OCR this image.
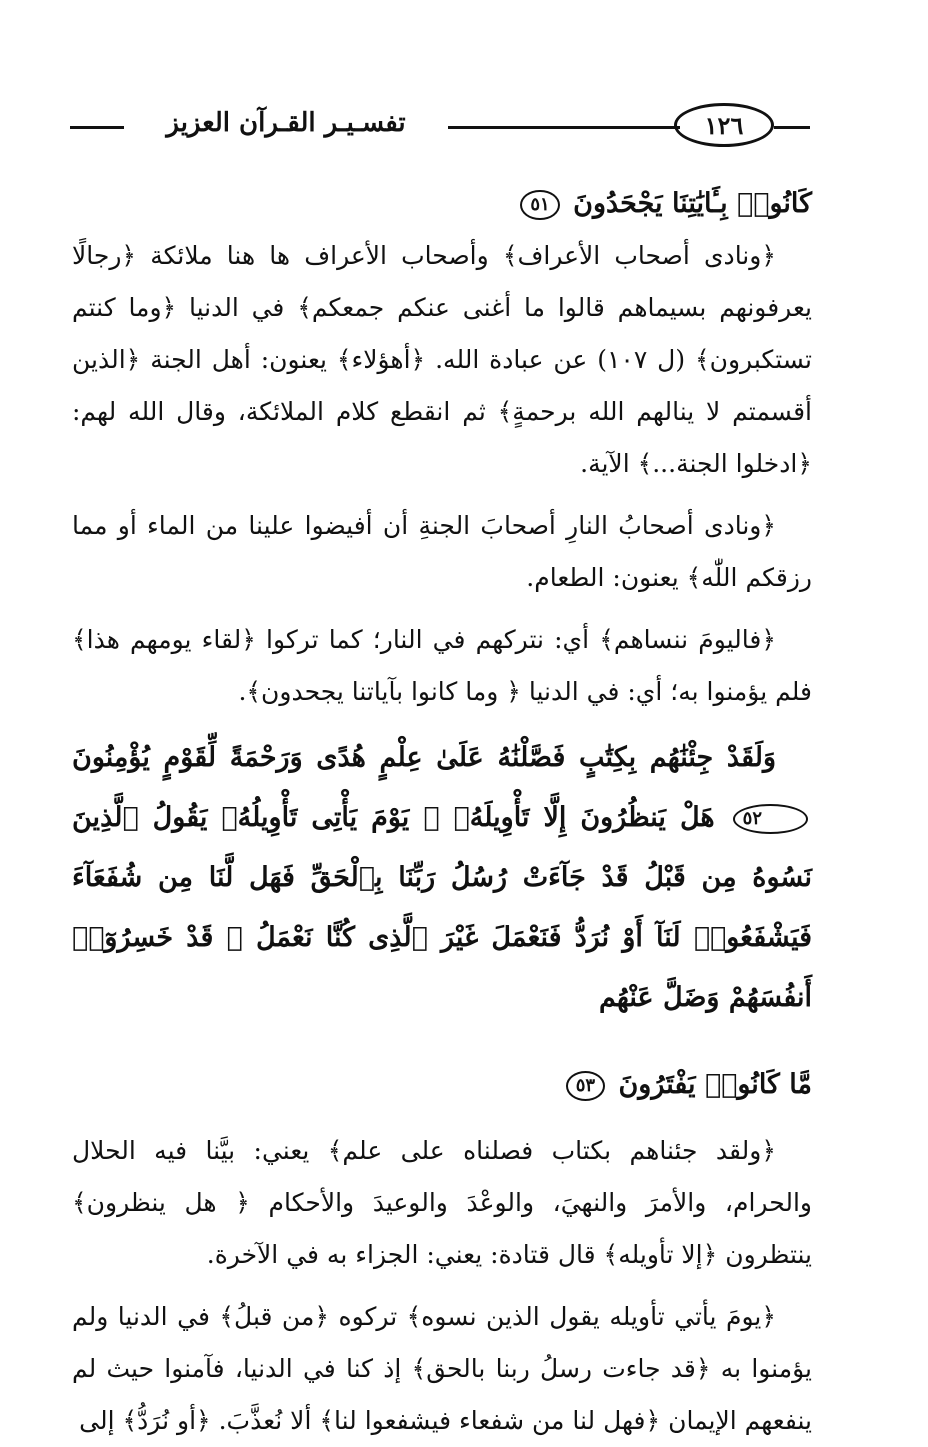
١٢٦
تفسـيـر القـرآن العزيز

كَانُوا۟ بِـَٔايَٰتِنَا يَجْحَدُونَ ٥١

﴿ونادى أصحاب الأعراف﴾ وأصحاب الأعراف ها هنا ملائكة ﴿رجالًا يعرفونهم بسيماهم قالوا ما أغنى عنكم جمعكم﴾ في الدنيا ﴿وما كنتم تستكبرون﴾ (ل ١٠٧) عن عبادة الله. ﴿أهؤلاء﴾ يعنون: أهل الجنة ﴿الذين أقسمتم لا ينالهم الله برحمةٍ﴾ ثم انقطع كلام الملائكة، وقال الله لهم: ﴿ادخلوا الجنة...﴾ الآية.

﴿ونادى أصحابُ النارِ أصحابَ الجنةِ أن أفيضوا علينا من الماء أو مما رزقكم اللّٰه﴾ يعنون: الطعام.

﴿فاليومَ ننساهم﴾ أي: نتركهم في النار؛ كما تركوا ﴿لقاء يومهم هذا﴾ فلم يؤمنوا به؛ أي: في الدنيا ﴿ وما كانوا بآياتنا يجحدون﴾.

وَلَقَدْ جِئْنَٰهُم بِكِتَٰبٍ فَصَّلْنَٰهُ عَلَىٰ عِلْمٍ هُدًى وَرَحْمَةً لِّقَوْمٍ يُؤْمِنُونَ ٥٢ هَلْ يَنظُرُونَ إِلَّا تَأْوِيلَهُۥ ۚ يَوْمَ يَأْتِى تَأْوِيلُهُۥ يَقُولُ ٱلَّذِينَ نَسُوهُ مِن قَبْلُ قَدْ جَآءَتْ رُسُلُ رَبِّنَا بِٱلْحَقِّ فَهَل لَّنَا مِن شُفَعَآءَ فَيَشْفَعُوا۟ لَنَآ أَوْ نُرَدُّ فَنَعْمَلَ غَيْرَ ٱلَّذِى كُنَّا نَعْمَلُ ۚ قَدْ خَسِرُوٓا۟ أَنفُسَهُمْ وَضَلَّ عَنْهُم

مَّا كَانُوا۟ يَفْتَرُونَ ٥٣

﴿ولقد جئناهم بكتاب فصلناه على علم﴾ يعني: بيَّنا فيه الحلال والحرام، والأمرَ والنهيَ، والوعْدَ والوعيدَ والأحكام ﴿ هل ينظرون﴾ ينتظرون ﴿إلا تأويله﴾ قال قتادة: يعني: الجزاء به في الآخرة.

﴿يومَ يأتي تأويله يقول الذين نسوه﴾ تركوه ﴿من قبلُ﴾ في الدنيا ولم يؤمنوا به ﴿قد جاءت رسلُ ربنا بالحق﴾ إذ كنا في الدنيا، فآمنوا حيث لم ينفعهم الإيمان ﴿فهل لنا من شفعاء فيشفعوا لنا﴾ ألا نُعذَّبَ. ﴿أو نُرَدُّ﴾ إلى
